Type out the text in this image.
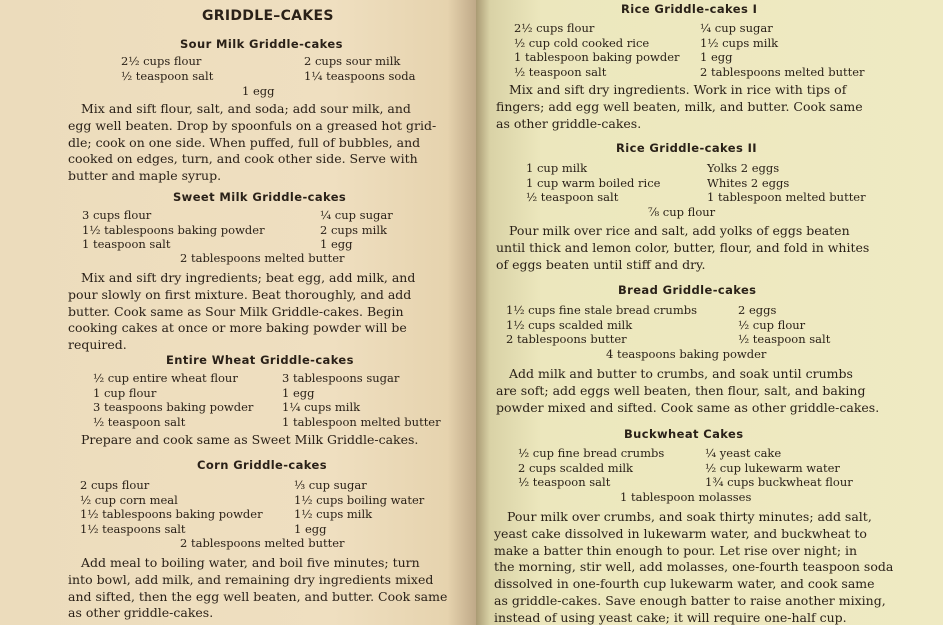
GRIDDLE–CAKES
Sour Milk Griddle-cakes
2½ cups flour
½ teaspoon salt
2 cups sour milk
1¼ teaspoons soda
1 egg
Mix and sift flour, salt, and soda; add sour milk, and
egg well beaten. Drop by spoonfuls on a greased hot grid-
dle; cook on one side. When puffed, full of bubbles, and
cooked on edges, turn, and cook other side. Serve with
butter and maple syrup.
Sweet Milk Griddle-cakes
3 cups flour
1½ tablespoons baking powder
1 teaspoon salt
¼ cup sugar
2 cups milk
1 egg
2 tablespoons melted butter
Mix and sift dry ingredients; beat egg, add milk, and
pour slowly on first mixture. Beat thoroughly, and add
butter. Cook same as Sour Milk Griddle-cakes. Begin
cooking cakes at once or more baking powder will be
required.
Entire Wheat Griddle-cakes
½ cup entire wheat flour
1 cup flour
3 teaspoons baking powder
½ teaspoon salt
3 tablespoons sugar
1 egg
1¼ cups milk
1 tablespoon melted butter
Prepare and cook same as Sweet Milk Griddle-cakes.
Corn Griddle-cakes
2 cups flour
½ cup corn meal
1½ tablespoons baking powder
1½ teaspoons salt
⅓ cup sugar
1½ cups boiling water
1½ cups milk
1 egg
2 tablespoons melted butter
Add meal to boiling water, and boil five minutes; turn
into bowl, add milk, and remaining dry ingredients mixed
and sifted, then the egg well beaten, and butter. Cook same
as other griddle-cakes.
Rice Griddle-cakes I
2½ cups flour
½ cup cold cooked rice
1 tablespoon baking powder
½ teaspoon salt
¼ cup sugar
1½ cups milk
1 egg
2 tablespoons melted butter
Mix and sift dry ingredients. Work in rice with tips of
fingers; add egg well beaten, milk, and butter. Cook same
as other griddle-cakes.
Rice Griddle-cakes II
1 cup milk
1 cup warm boiled rice
½ teaspoon salt
Yolks 2 eggs
Whites 2 eggs
1 tablespoon melted butter
⅞ cup flour
Pour milk over rice and salt, add yolks of eggs beaten
until thick and lemon color, butter, flour, and fold in whites
of eggs beaten until stiff and dry.
Bread Griddle-cakes
1½ cups fine stale bread crumbs
1½ cups scalded milk
2 tablespoons butter
2 eggs
½ cup flour
½ teaspoon salt
4 teaspoons baking powder
Add milk and butter to crumbs, and soak until crumbs
are soft; add eggs well beaten, then flour, salt, and baking
powder mixed and sifted. Cook same as other griddle-cakes.
Buckwheat Cakes
½ cup fine bread crumbs
2 cups scalded milk
½ teaspoon salt
¼ yeast cake
½ cup lukewarm water
1¾ cups buckwheat flour
1 tablespoon molasses
Pour milk over crumbs, and soak thirty minutes; add salt,
yeast cake dissolved in lukewarm water, and buckwheat to
make a batter thin enough to pour. Let rise over night; in
the morning, stir well, add molasses, one-fourth teaspoon soda
dissolved in one-fourth cup lukewarm water, and cook same
as griddle-cakes. Save enough batter to raise another mixing,
instead of using yeast cake; it will require one-half cup.
